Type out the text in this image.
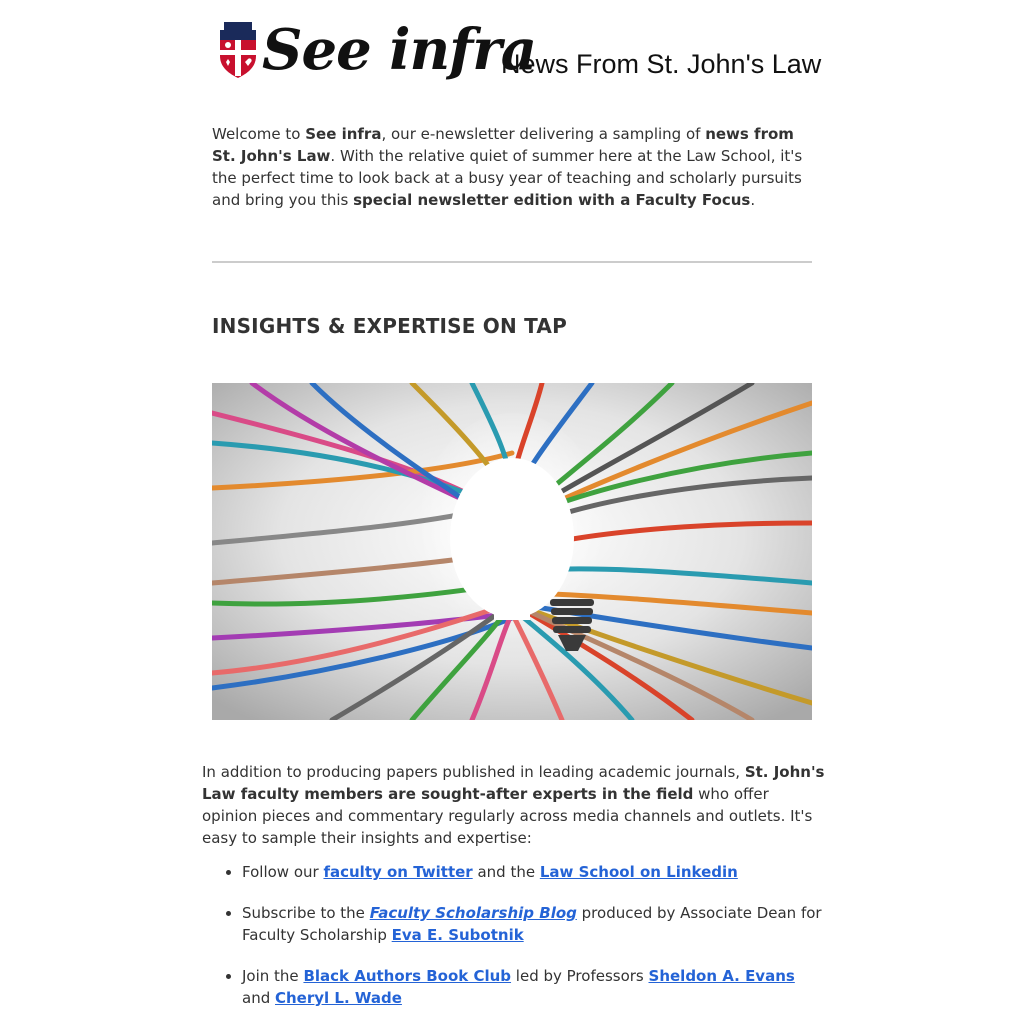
See infra
News From St. John's Law
Welcome to See infra, our e-newsletter delivering a sampling of news from St. John's Law. With the relative quiet of summer here at the Law School, it's the perfect time to look back at a busy year of teaching and scholarly pursuits and bring you this special newsletter edition with a Faculty Focus.
INSIGHTS & EXPERTISE ON TAP
In addition to producing papers published in leading academic journals, St. John's Law faculty members are sought-after experts in the field who offer opinion pieces and commentary regularly across media channels and outlets. It's easy to sample their insights and expertise:
• Follow our faculty on Twitter and the Law School on Linkedin
• Subscribe to the Faculty Scholarship Blog produced by Associate Dean for Faculty Scholarship Eva E. Subotnik
• Join the Black Authors Book Club led by Professors Sheldon A. Evans and Cheryl L. Wade
